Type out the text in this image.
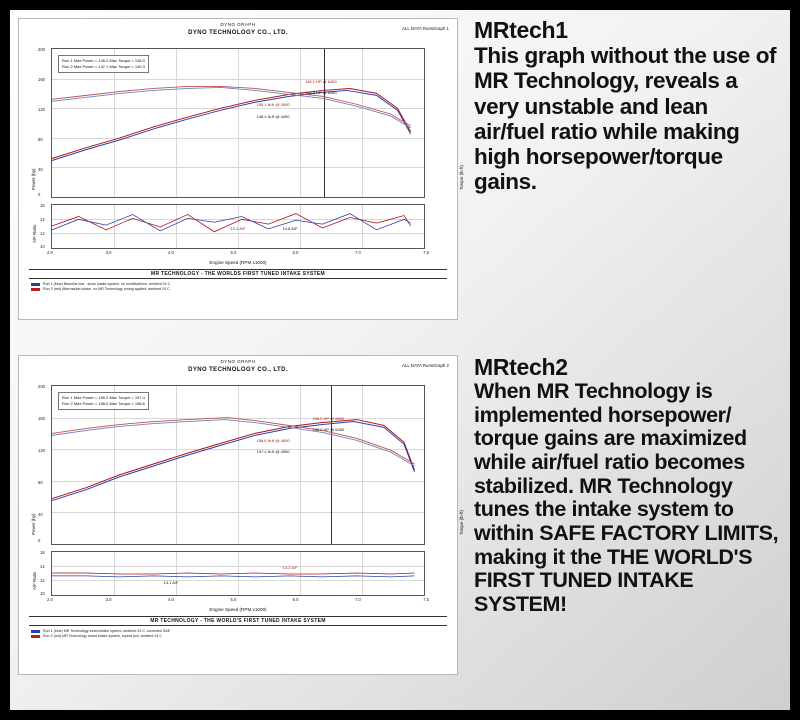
DYNO GRAPH
DYNO TECHNOLOGY CO., LTD.
ALL DATA RunsGraph 1
Power (hp)	Torque (lb-ft)
Run 1 Max Power = 145.2 Max Torque = 148.0
Run 2 Max Power = 147.1 Max Torque = 149.3
146.1 HP @ 6400
144.8 HP @ 6350
150.1 lb-ft @ 4500
148.4 lb-ft @ 4450
200
160
120
80
40
0
15.1 A/F	14.8 A/F
16
14
12
10
A/F Ratio
2.0	3.0	4.0	5.0	6.0	7.0	7.5
Engine Speed (RPM x1000)
MR TECHNOLOGY - THE WORLDS FIRST TUNED INTAKE SYSTEM
Run 1 (blue) Baseline test - stock intake system, no modifications, ambient 24 C
Run 2 (red) Aftermarket intake, no MR Technology tuning applied, ambient 24 C
MRtech1
This graph without the use of MR Technology, reveals a very unstable and lean air/fuel ratio while making high horsepower/torque gains.
DYNO GRAPH
DYNO TECHNOLOGY CO., LTD.
ALL DATA RunsGraph 2
Power (hp)	Torque (lb-ft)
Run 1 Max Power = 156.2 Max Torque = 157.4
Run 2 Max Power = 158.0 Max Torque = 158.6
158.0 HP @ 6500
156.2 HP @ 6450
158.6 lb-ft @ 4600
157.4 lb-ft @ 4550
200
160
120
80
40
0
13.2 A/F
13.1 A/F
16
14
12
10
A/F Ratio
2.0	3.0	4.0	5.0	6.0	7.0	7.5
Engine Speed (RPM x1000)
MR TECHNOLOGY - THE WORLD'S FIRST TUNED INTAKE SYSTEM
Run 1 (blue) MR Technology tuned intake system, ambient 24 C, corrected SAE
Run 2 (red) MR Technology tuned intake system, repeat pull, ambient 24 C
MRtech2
When MR Technology is implemented horsepower/ torque gains are maximized while air/fuel ratio becomes stabilized. MR Technology tunes the intake system to within SAFE FACTORY LIMITS, making it the THE WORLD'S FIRST TUNED INTAKE SYSTEM!
